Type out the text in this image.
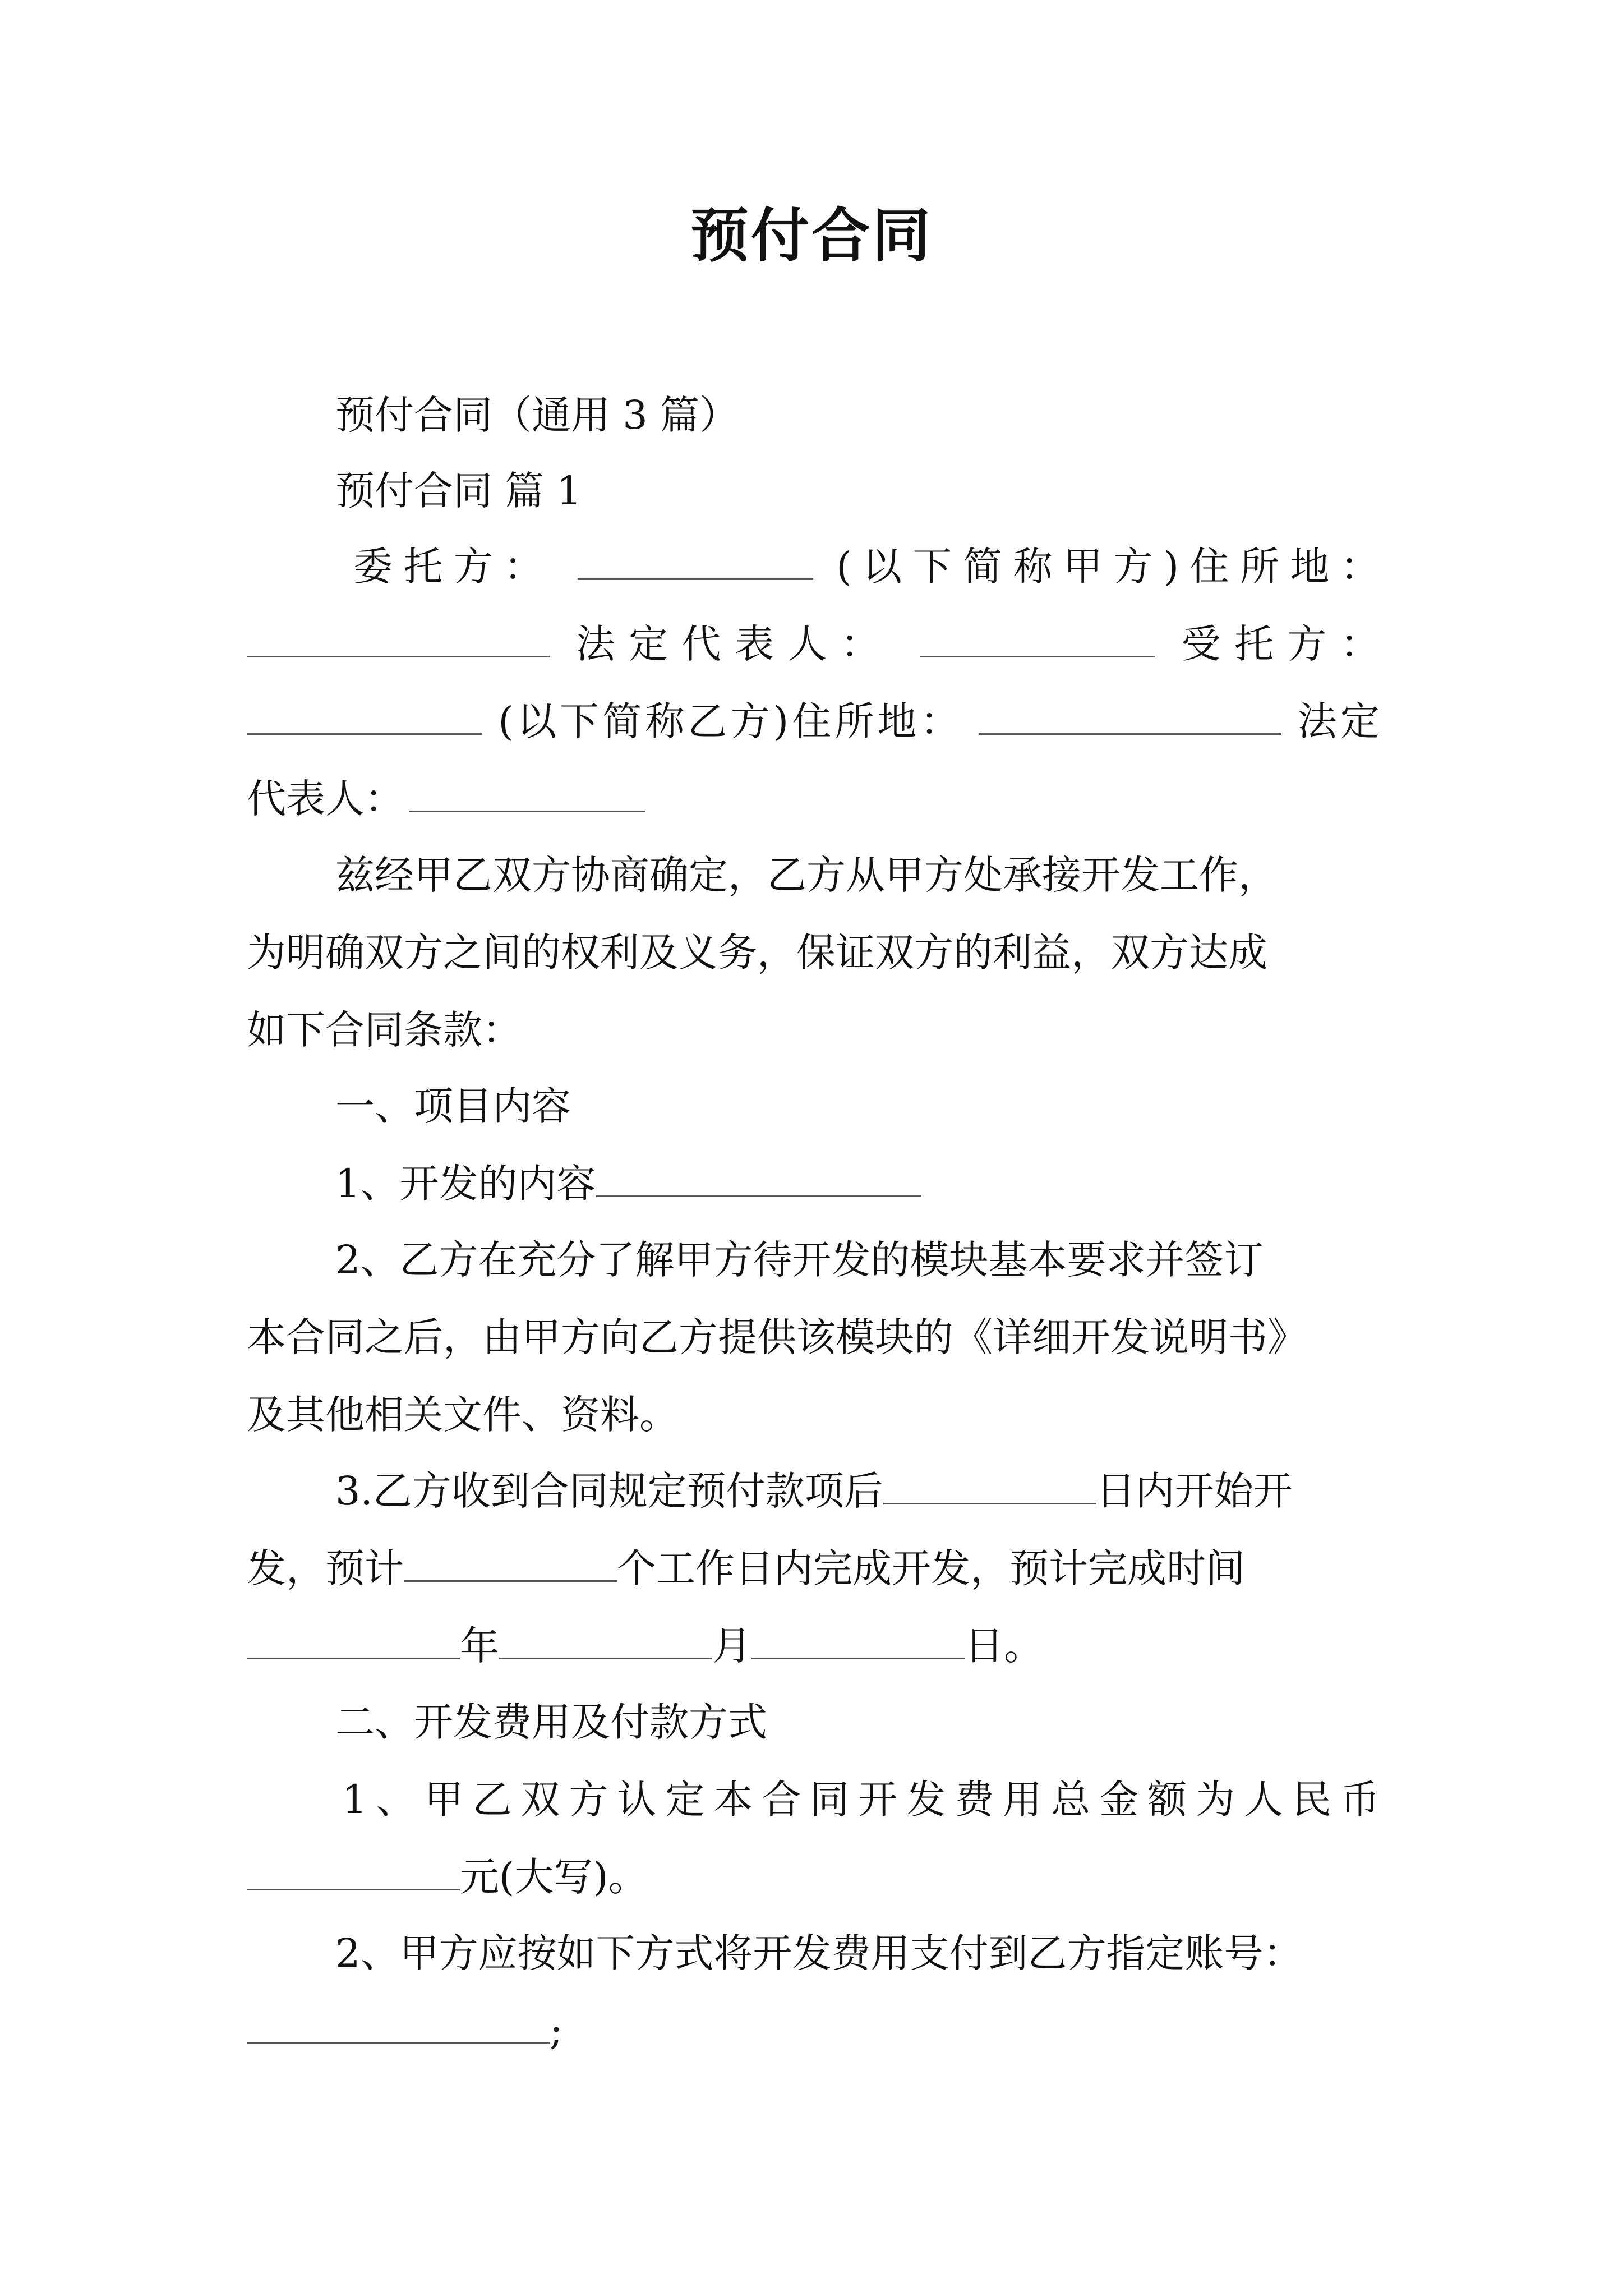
预付合同
预付合同（通用 3 篇）
预付合同 篇 1
委托方：	(以下简称甲方)住所地：
法定代表人：	受托方：
(以下简称乙方)住所地：	法定
代表人：
兹经甲乙双方协商确定，乙方从甲方处承接开发工作，
为明确双方之间的权利及义务，保证双方的利益，双方达成
如下合同条款：
一、项目内容
1、开发的内容
2、乙方在充分了解甲方待开发的模块基本要求并签订
本合同之后，由甲方向乙方提供该模块的《详细开发说明书》
及其他相关文件、资料。
3.乙方收到合同规定预付款项后	日内开始开
发，预计	个工作日内完成开发，预计完成时间
年	月	日。
二、开发费用及付款方式
1、甲乙双方认定本合同开发费用总金额为人民币
元(大写)。
2、甲方应按如下方式将开发费用支付到乙方指定账号：
;
